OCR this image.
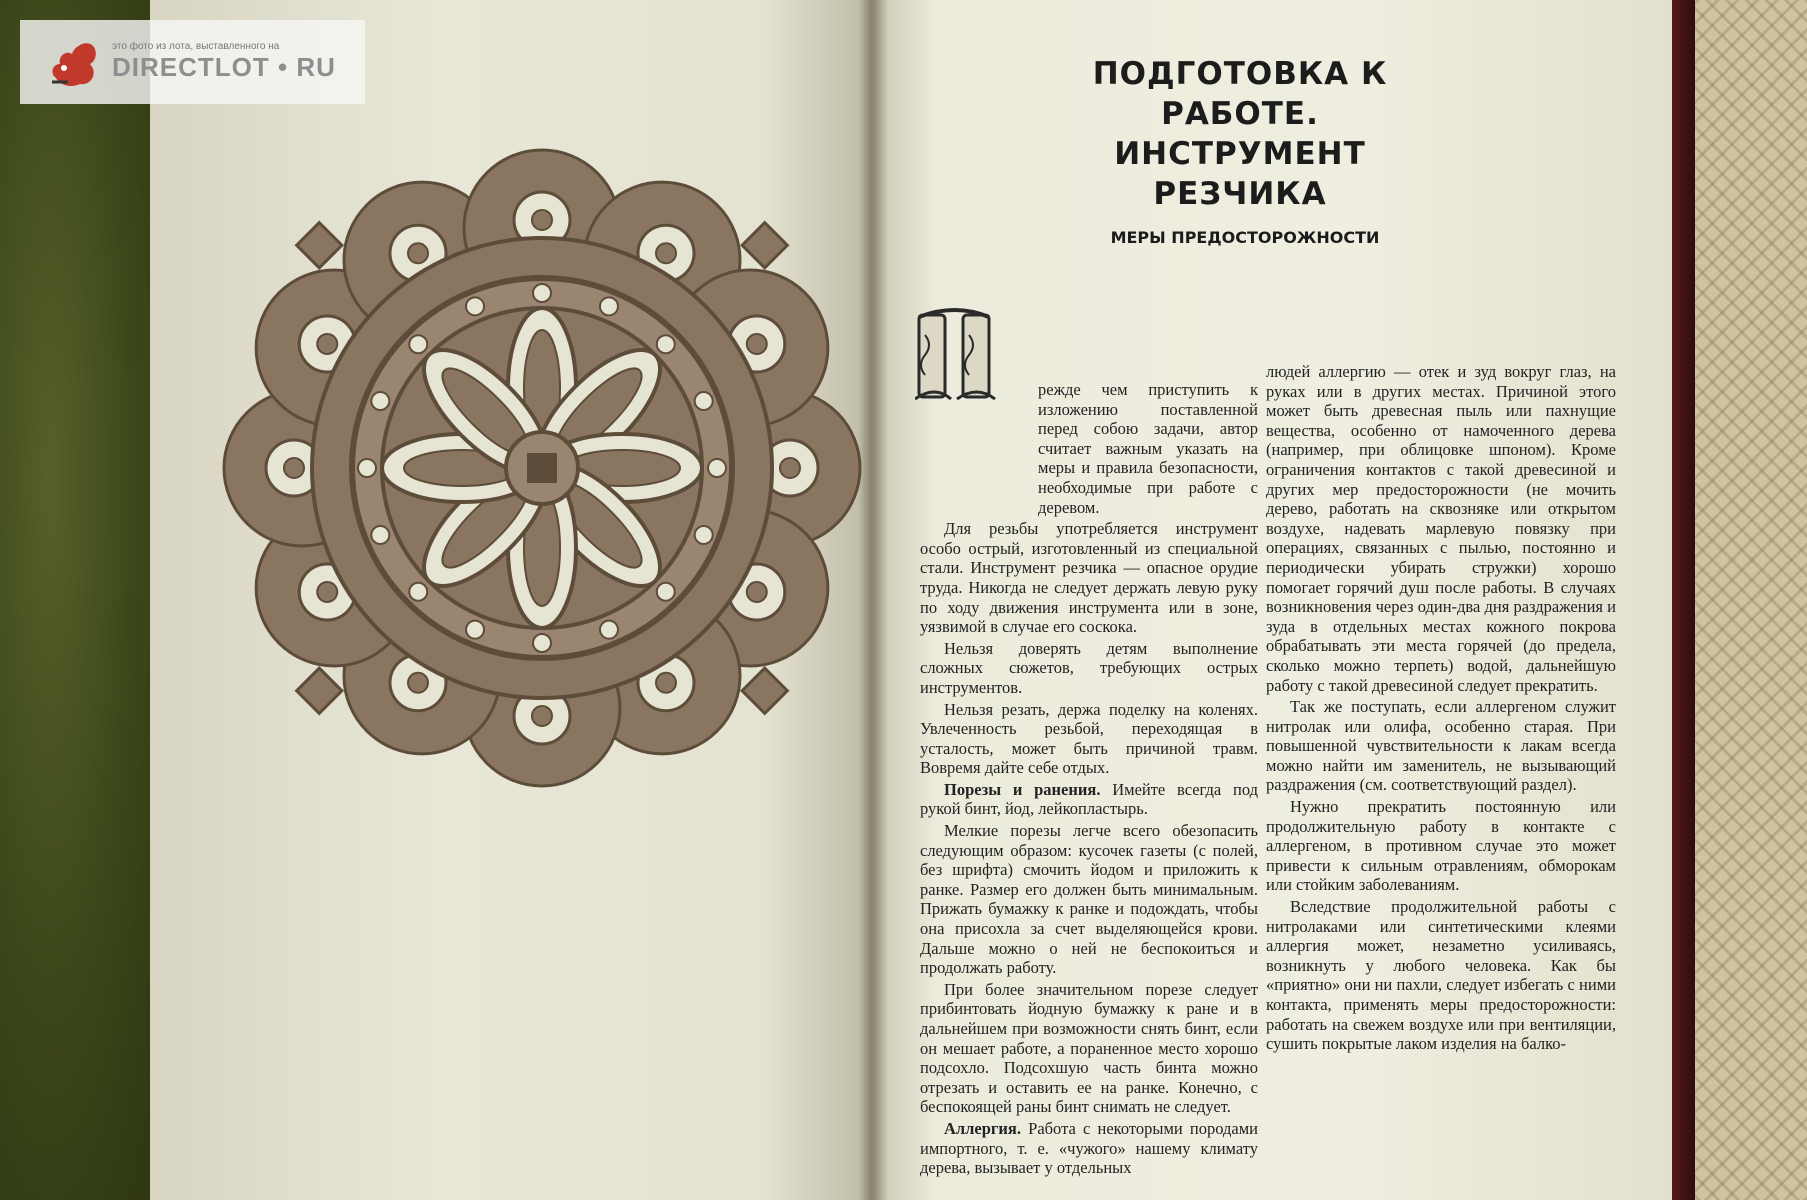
это фото из лота, выставленного на
DIRECTLOT • RU	ПОДГОТОВКА К РАБОТЕ.
ИНСТРУМЕНТ РЕЗЧИКА
МЕРЫ ПРЕДОСТОРОЖНОСТИ
П

режде чем приступить к изложению поставленной перед собою задачи, автор считает важным указать на меры и правила безопасности, необходимые при работе с деревом.

Для резьбы употребляется инструмент особо острый, изготовленный из специальной стали. Инструмент резчика — опасное орудие труда. Никогда не следует держать левую руку по ходу движения инструмента или в зоне, уязвимой в случае его соскока.

Нельзя доверять детям выполнение сложных сюжетов, требующих острых инструментов.

Нельзя резать, держа поделку на коленях. Увлеченность резьбой, переходящая в усталость, может быть причиной травм. Вовремя дайте себе отдых.

Порезы и ранения. Имейте всегда под рукой бинт, йод, лейкопластырь.

Мелкие порезы легче всего обезопасить следующим образом: кусочек газеты (с полей, без шрифта) смочить йодом и приложить к ранке. Размер его должен быть минимальным. Прижать бумажку к ранке и подождать, чтобы она присохла за счет выделяющейся крови. Дальше можно о ней не беспокоиться и продолжать работу.

При более значительном порезе следует прибинтовать йодную бумажку к ране и в дальнейшем при возможности снять бинт, если он мешает работе, а пораненное место хорошо подсохло. Подсохшую часть бинта можно отрезать и оставить ее на ранке. Конечно, с беспокоящей раны бинт снимать не следует.

Аллергия. Работа с некоторыми породами импортного, т. е. «чужого» нашему климату дерева, вызывает у отдельных

людей аллергию — отек и зуд вокруг глаз, на руках или в других местах. Причиной этого может быть древесная пыль или пахнущие вещества, особенно от намоченного дерева (например, при облицовке шпоном). Кроме ограничения контактов с такой древесиной и других мер предосторожности (не мочить дерево, работать на сквозняке или открытом воздухе, надевать марлевую повязку при операциях, связанных с пылью, постоянно и периодически убирать стружки) хорошо помогает горячий душ после работы. В случаях возникновения через один-два дня раздражения и зуда в отдельных местах кожного покрова обрабатывать эти места горячей (до предела, сколько можно терпеть) водой, дальнейшую работу с такой древесиной следует прекратить.

Так же поступать, если аллергеном служит нитролак или олифа, особенно старая. При повышенной чувствительности к лакам всегда можно найти им заменитель, не вызывающий раздражения (см. соответствующий раздел).

Нужно прекратить постоянную или продолжительную работу в контакте с аллергеном, в противном случае это может привести к сильным отравлениям, обморокам или стойким заболеваниям.

Вследствие продолжительной работы с нитролаками или синтетическими клеями аллергия может, незаметно усиливаясь, возникнуть у любого человека. Как бы «приятно» они ни пахли, следует избегать с ними контакта, применять меры предосторожности: работать на свежем воздухе или при вентиляции, сушить покрытые лаком изделия на балко-
